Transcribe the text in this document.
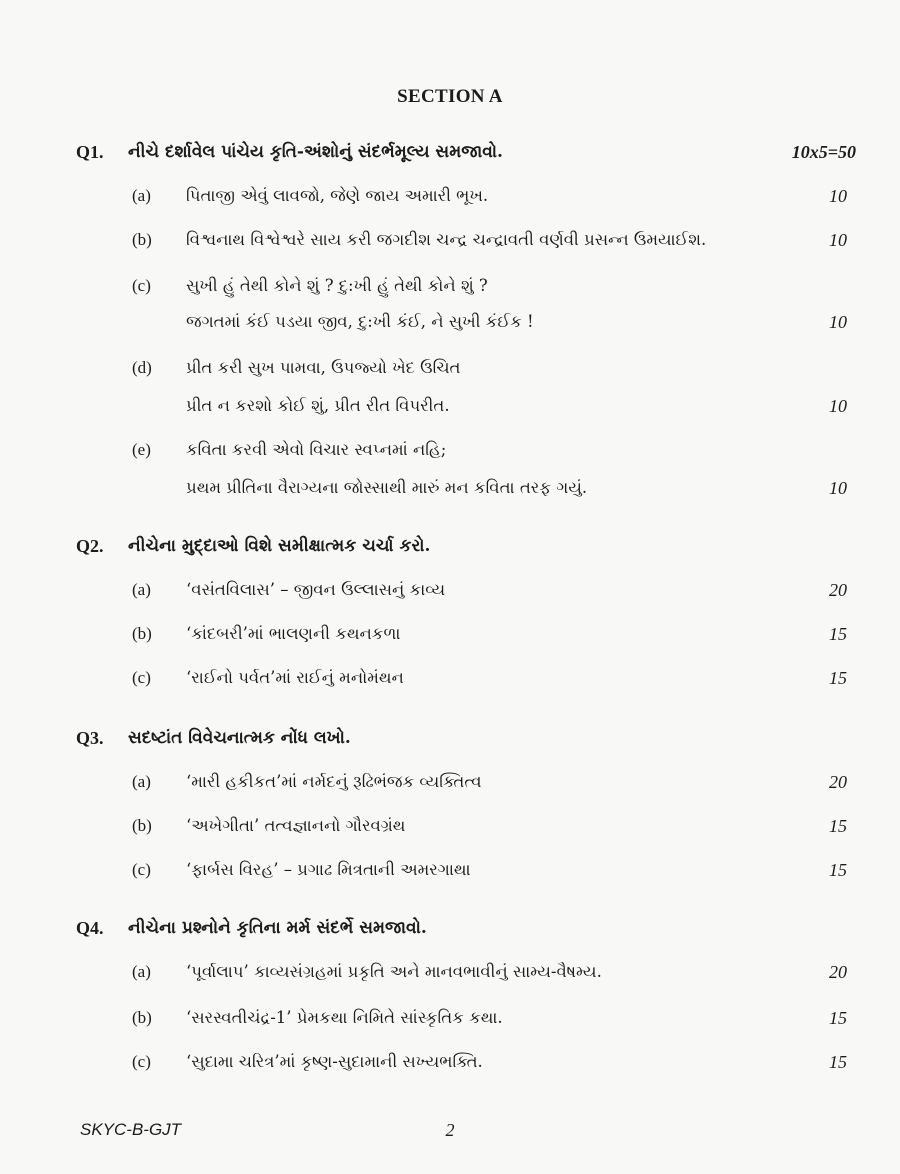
SECTION A
Q1. નીચે દર્શાવેલ પાંચેય કૃતિ-અંશોનું સંદર્ભમૂલ્ય સમજાવો.	10x5=50
(a) પિતાજી એવું લાવજો, જેણે જાય અમારી ભૂખ.	10
(b) વિશ્વનાથ વિશ્વેશ્વરે સાય કરી જગદીશ ચન્દ્ર ચન્દ્રાવતી વર્ણવી પ્રસન્ન ઉમયાઈશ.	10
(c) સુખી હું તેથી કોને શું ? દુ:ખી હું તેથી કોને શું ?
જગતમાં કંઈ પડયા જીવ, દુ:ખી કંઈ, ને સુખી કંઈક !	10
(d) પ્રીત કરી સુખ પામવા, ઉપજ્યો ખેદ ઉચિત
પ્રીત ન કરશો કોઈ શું, પ્રીત રીત વિપરીત.	10
(e) કવિતા કરવી એવો વિચાર સ્વપ્નમાં નહિ;
પ્રથમ પ્રીતિના વૈરાગ્યના જોસ્સાથી મારું મન કવિતા તરફ ગયું.	10
Q2. નીચેના મુદ્દાઓ વિશે સમીક્ષાત્મક ચર્ચા કરો.
(a) ‘વસંતવિલાસ’ – જીવન ઉલ્લાસનું કાવ્ય	20
(b) ‘કાંદબરી’માં ભાલણની કથનકળા	15
(c) ‘રાઈનો પર્વત’માં રાઈનું મનોમંથન	15
Q3. સદષ્ટાંત વિવેચનાત્મક નોંધ લખો.
(a) ‘મારી હકીકત’માં નર્મદનું રૂઢિભંજક વ્યક્તિત્વ	20
(b) ‘અખેગીતા’ તત્વજ્ઞાનનો ગૌરવગ્રંથ	15
(c) ‘ફાર્બસ વિરહ’ – પ્રગાઢ મિત્રતાની અમરગાથા	15
Q4. નીચેના પ્રશ્નોને કૃતિના મર્મ સંદર્ભે સમજાવો.
(a) ‘પૂર્વાલાપ’ કાવ્યસંગ્રહમાં પ્રકૃતિ અને માનવભાવીનું સામ્ય-વૈષમ્ય.	20
(b) ‘સરસ્વતીચંદ્ર-1’ પ્રેમકથા નિમિતે સાંસ્કૃતિક કથા.	15
(c) ‘સુદામા ચરિત્ર’માં કૃષ્ણ-સુદામાની સખ્યભક્તિ.	15
SKYC-B-GJT	2
